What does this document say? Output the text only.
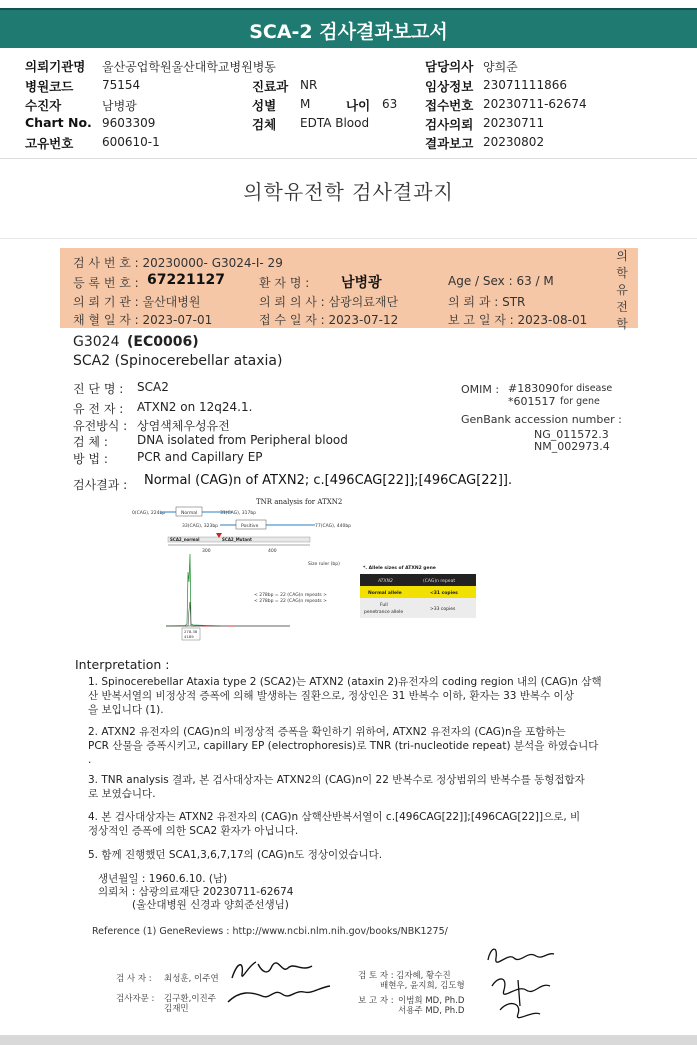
SCA-2 검사결과보고서
의뢰기관명 울산공업학원울산대학교병원병동
병원코드 75154
수진자	남병광
Chart No. 9603309
고유번호 600610-1
진료과 NR
성별 M	나이 63
검체 EDTA Blood
담당의사 양희준
임상정보 23071111866
접수번호 20230711-62674
검사의뢰 20230711
결과보고 20230802
의학유전학 검사결과지
검 사 번 호 : 20230000- G3024-I- 29
등 록 번 호 : 67221127	환 자 명 : 남병광	Age / Sex : 63 / M
의 뢰 기 관 : 울산대병원	의 뢰 의 사 : 삼광의료재단	의 뢰 과 : STR
채 혈 일 자 : 2023-07-01	접 수 일 자 : 2023-07-12	보 고 일 자 : 2023-08-01
의
학
유
전
학
G3024 (EC0006)
SCA2 (Spinocerebellar ataxia)
진 단 명 : SCA2
유 전 자 : ATXN2 on 12q24.1.
유전방식 : 상염색체우성유전
검 체 : DNA isolated from Peripheral blood
방 법 : PCR and Capillary EP
OMIM : #183090 for disease
*601517 for gene
GenBank accession number :
NG_011572.3
NM_002973.4
검사결과 : Normal (CAG)n of ATXN2; c.[496CAG[22]];[496CAG[22]].
TNR analysis for ATXN2
0(CAG), 224bp	Normal	31(CAG), 317bp
33(CAG), 323bp	Positive	77(CAG), 440bp
SCA2_normal	SCA2_Mutant
300	400
Size ruler (bp)
< 278bp = 22 (CAG)n repeats >
< 278bp = 22 (CAG)n repeats >
278.38
4189
*. Allele sizes of ATXN2 gene
ATXN2	(CAG)n repeat
Normal allele	<31 copies
Full
penetrance allele
>33 copies
Interpretation :
1. Spinocerebellar Ataxia type 2 (SCA2)는 ATXN2 (ataxin 2)유전자의 coding region 내의 (CAG)n 삼핵
산 반복서열의 비정상적 증폭에 의해 발생하는 질환으로, 정상인은 31 반복수 이하, 환자는 33 반복수 이상
을 보입니다 (1).
2. ATXN2 유전자의 (CAG)n의 비정상적 증폭을 확인하기 위하여, ATXN2 유전자의 (CAG)n을 포함하는
PCR 산물을 증폭시키고, capillary EP (electrophoresis)로 TNR (tri-nucleotide repeat) 분석을 하였습니다
.
3. TNR analysis 결과, 본 검사대상자는 ATXN2의 (CAG)n이 22 반복수로 정상범위의 반복수를 동형접합자
로 보였습니다.
4. 본 검사대상자는 ATXN2 유전자의 (CAG)n 삼핵산반복서열이 c.[496CAG[22]];[496CAG[22]]으로, 비
정상적인 증폭에 의한 SCA2 환자가 아닙니다.
5. 함께 진행했던 SCA1,3,6,7,17의 (CAG)n도 정상이었습니다.
생년월일 : 1960.6.10. (남)
의뢰처 : 삼광의료재단 20230711-62674
(울산대병원 신경과 양희준선생님)
Reference (1) GeneReviews : http://www.ncbi.nlm.nih.gov/books/NBK1275/
검 사 자 : 최성훈, 이주연
검사자문 : 김구환,이진주
김재민
검 토 자 : 김자혜, 황수진
배현우, 윤지희, 김도형
보 고 자 : 이범희 MD, Ph.D
서용주 MD, Ph.D
